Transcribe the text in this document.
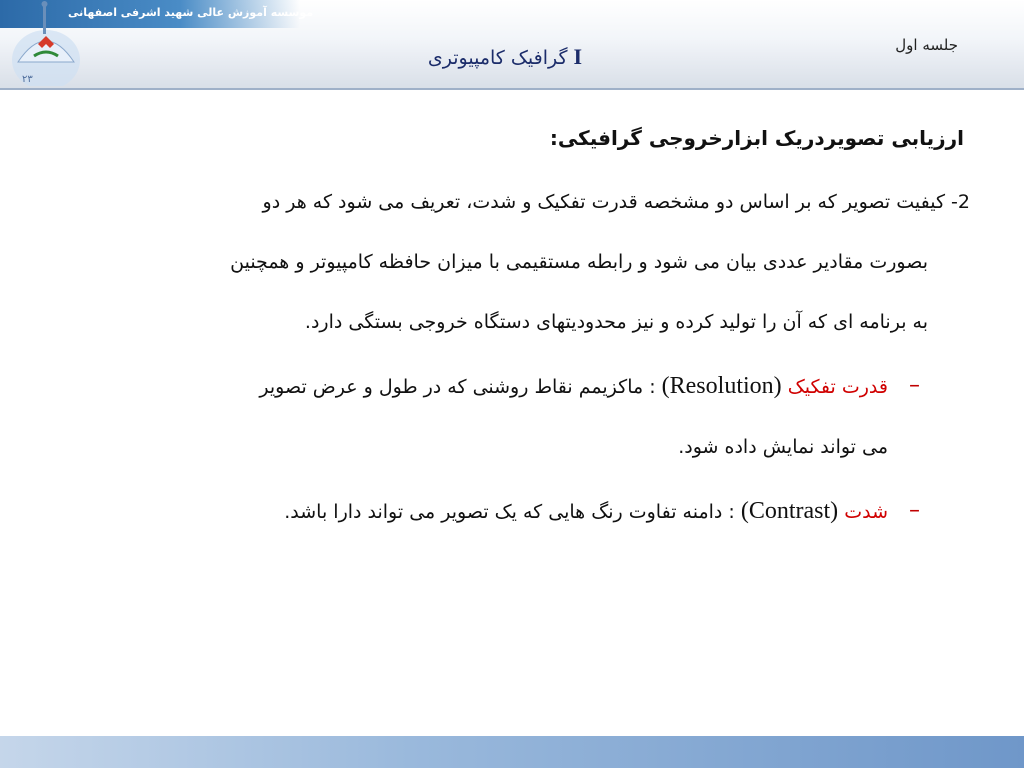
موسسه آموزش عالی شهید اشرفی اصفهانی
۲۳
گرافیک کامپیوتری I	جلسه اول
ارزیابی تصویردریک ابزارخروجی گرافیکی:
2- کیفیت تصویر که بر اساس دو مشخصه قدرت تفکیک و شدت، تعریف می شود که هر دو
بصورت مقادیر عددی بیان می شود و رابطه مستقیمی با میزان حافظه کامپیوتر و همچنین
به برنامه ای که آن را تولید کرده و نیز محدودیتهای دستگاه خروجی بستگی دارد.
–
قدرت تفکیک (Resolution) : ماکزیمم نقاط روشنی که در طول و عرض تصویر
می تواند نمایش داده شود.
–
شدت (Contrast) : دامنه تفاوت رنگ هایی که یک تصویر می تواند دارا باشد.
